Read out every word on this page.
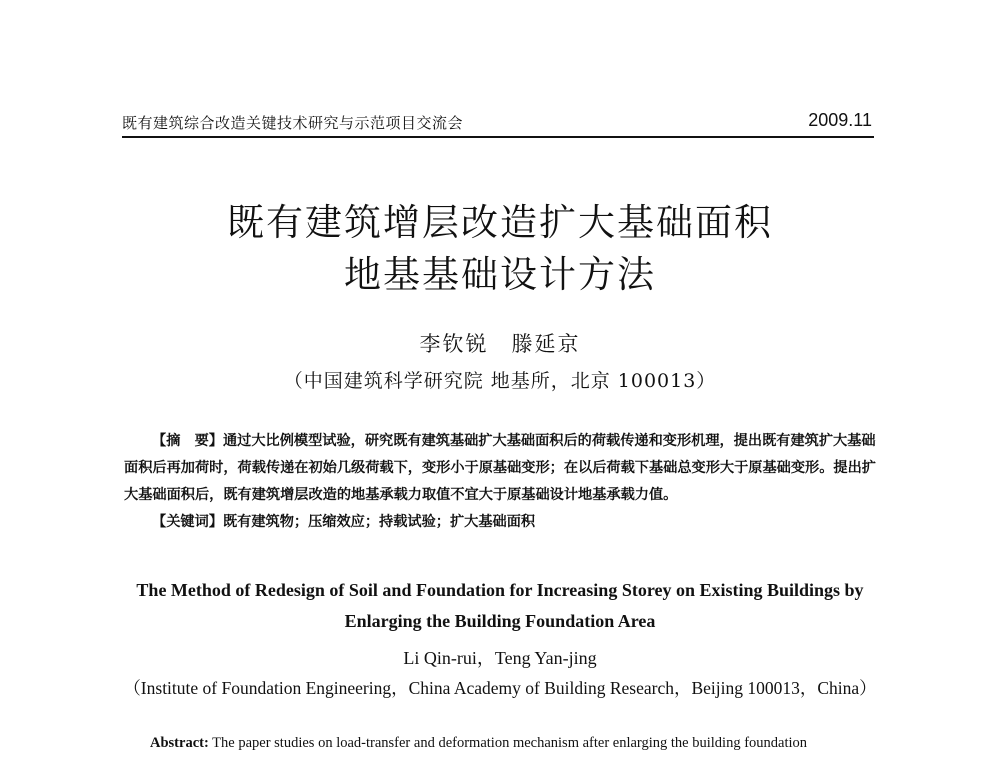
既有建筑综合改造关键技术研究与示范项目交流会	2009.11
既有建筑增层改造扩大基础面积
地基基础设计方法
李钦锐　滕延京
（中国建筑科学研究院 地基所，北京 100013）

【摘　要】通过大比例模型试验，研究既有建筑基础扩大基础面积后的荷载传递和变形机理，提出既有建筑扩大基础面积后再加荷时，荷载传递在初始几级荷载下，变形小于原基础变形；在以后荷载下基础总变形大于原基础变形。提出扩大基础面积后，既有建筑增层改造的地基承载力取值不宜大于原基础设计地基承载力值。

【关键词】既有建筑物；压缩效应；持载试验；扩大基础面积

The Method of Redesign of Soil and Foundation for Increasing Storey on Existing Buildings by
Enlarging the Building Foundation Area
Li Qin-rui，Teng Yan-jing
（Institute of Foundation Engineering，China Academy of Building Research，Beijing 100013，China）
Abstract: The paper studies on load-transfer and deformation mechanism after enlarging the building foundation
